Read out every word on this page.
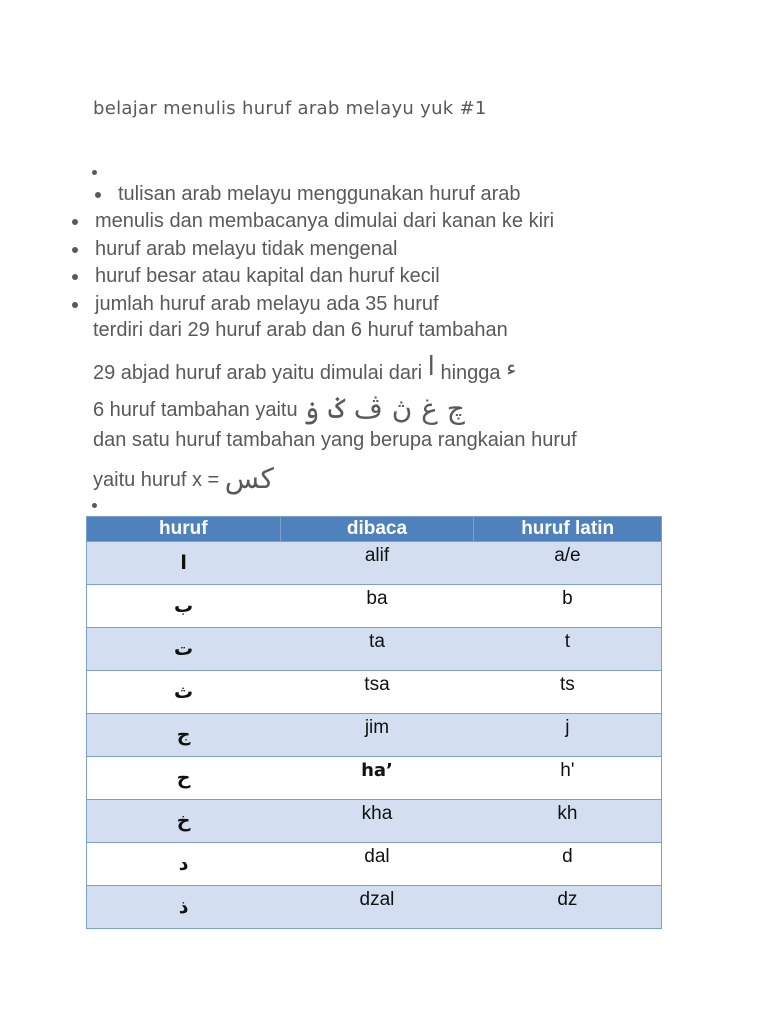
belajar menulis huruf arab melayu yuk #1
tulisan arab melayu menggunakan huruf arab
menulis dan membacanya dimulai dari kanan ke kiri
huruf arab melayu tidak mengenal
huruf besar atau kapital dan huruf kecil
jumlah huruf arab melayu ada 35 huruf
terdiri dari 29 huruf arab dan 6 huruf tambahan
29 abjad huruf arab yaitu dimulai dari ا hingga ء
6 huruf tambahan yaitu چ غ ڽ ڤ ݢ ۏ
dan satu huruf tambahan yang berupa rangkaian huruf
yaitu huruf x = کس
huruf	dibaca	huruf latin
ا	alif	a/e
ب	ba	b
ت	ta	t
ث	tsa	ts
ج	jim	j
ح	ha’	h'
خ	kha	kh
د	dal	d
ذ	dzal	dz
